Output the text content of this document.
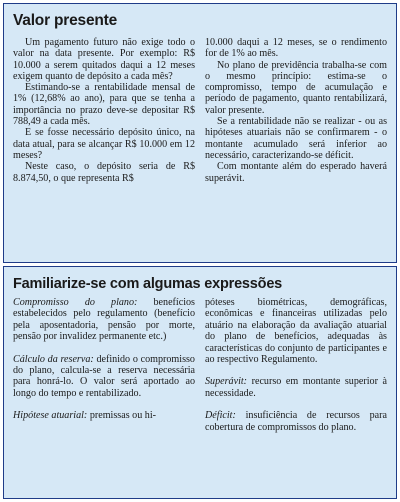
Valor presente

Um pagamento futuro não exige todo o valor na data presente. Por exemplo: R$ 10.000 a serem quitados daqui a 12 meses exigem quanto de depósito a cada mês?

Estimando-se a rentabilidade mensal de 1% (12,68% ao ano), para que se tenha a importância no prazo deve-se depositar R$ 788,49 a cada mês.

E se fosse necessário depósito único, na data atual, para se alcançar R$ 10.000 em 12 meses?

Neste caso, o depósito seria de R$ 8.874,50, o que representa R$

10.000 daqui a 12 meses, se o rendimento for de 1% ao mês.

No plano de previdência trabalha-se com o mesmo princípio: estima-se o compromisso, tempo de acumulação e período de pagamento, quanto rentabilizará, valor presente.

Se a rentabilidade não se realizar - ou as hipóteses atuariais não se confirmarem - o montante acumulado será inferior ao necessário, caracterizando-se déficit.

Com montante além do esperado haverá superávit.

Familiarize-se com algumas expressões

Compromisso do plano: benefícios estabelecidos pelo regulamento (benefício pela aposentadoria, pensão por morte, pensão por invalidez permanente etc.)

Cálculo da reserva: definido o compromisso do plano, calcula-se a reserva necessária para honrá-lo. O valor será aportado ao longo do tempo e rentabilizado.

Hipótese atuarial: premissas ou hi-

póteses biométricas, demográficas, econômicas e financeiras utilizadas pelo atuário na elaboração da avaliação atuarial do plano de benefícios, adequadas às características do conjunto de participantes e ao respectivo Regulamento.

Superávit: recurso em montante superior à necessidade.

Déficit: insuficiência de recursos para cobertura de compromissos do plano.
